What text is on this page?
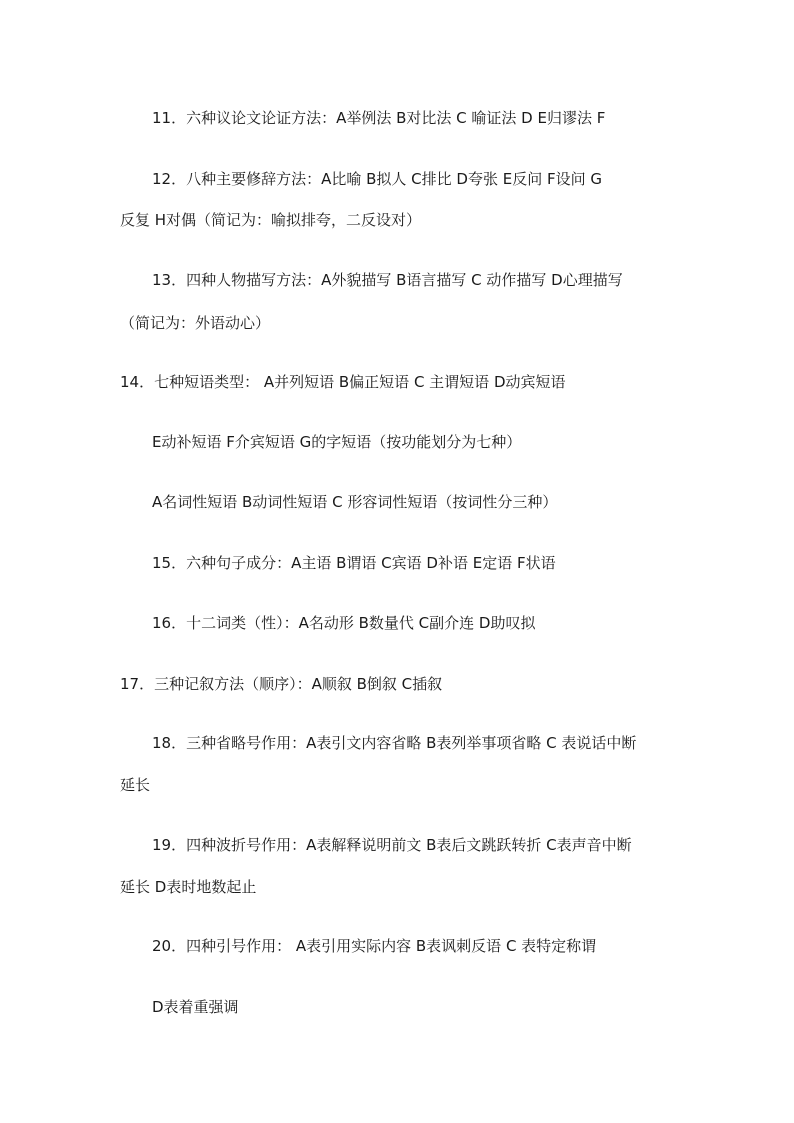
11．六种议论文论证方法：A举例法 B对比法 C 喻证法 D E归谬法 F
12．八种主要修辞方法：A比喻 B拟人 C排比 D夸张 E反问 F设问 G
反复 H对偶（简记为：喻拟排夸，二反设对）
13．四种人物描写方法：A外貌描写 B语言描写 C 动作描写 D心理描写
（简记为：外语动心）
14．七种短语类型： A并列短语 B偏正短语 C 主谓短语 D动宾短语
E动补短语 F介宾短语 G的字短语（按功能划分为七种）
A名词性短语 B动词性短语 C 形容词性短语（按词性分三种）
15．六种句子成分：A主语 B谓语 C宾语 D补语 E定语 F状语
16．十二词类（性）：A名动形 B数量代 C副介连 D助叹拟
17．三种记叙方法（顺序）：A顺叙 B倒叙 C插叙
18．三种省略号作用：A表引文内容省略 B表列举事项省略 C 表说话中断
延长
19．四种波折号作用：A表解释说明前文 B表后文跳跃转折 C表声音中断
延长 D表时地数起止
20．四种引号作用： A表引用实际内容 B表讽刺反语 C 表特定称谓
D表着重强调
